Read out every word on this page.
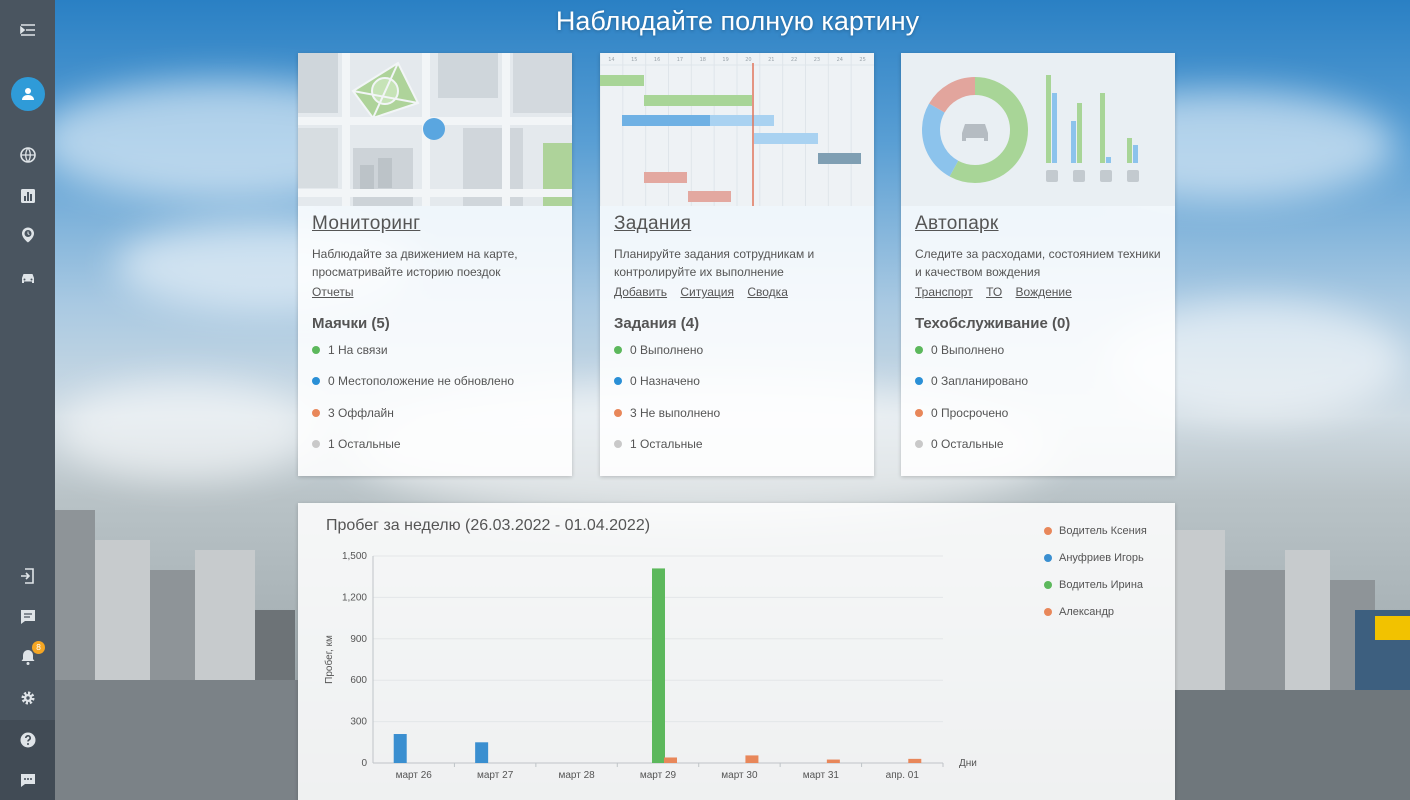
8
Наблюдайте полную картину
Мониторинг
Наблюдайте за движением на карте, просматривайте историю поездок
Отчеты
Маячки (5)
1 На связи
0 Местоположение не обновлено
3 Оффлайн
1 Остальные
14	15	16	17	18	19	20	21	22	23	24	25
Задания
Планируйте задания сотрудникам и контролируйте их выполнение
Добавить Ситуация Сводка
Задания (4)
0 Выполнено
0 Назначено
3 Не выполнено
1 Остальные
Автопарк
Следите за расходами, состоянием техники и качеством вождения
Транспорт ТО Вождение
Техобслуживание (0)
0 Выполнено
0 Запланировано
0 Просрочено
0 Остальные
0
300
600
900
1,200
1,500
Пробег, км
Дни
март 26	март 27	март 28	март 29	март 30	март 31	апр. 01
Пробег за неделю (26.03.2022 - 01.04.2022)	Водитель Ксения
Ануфриев Игорь
Водитель Ирина
Александр
